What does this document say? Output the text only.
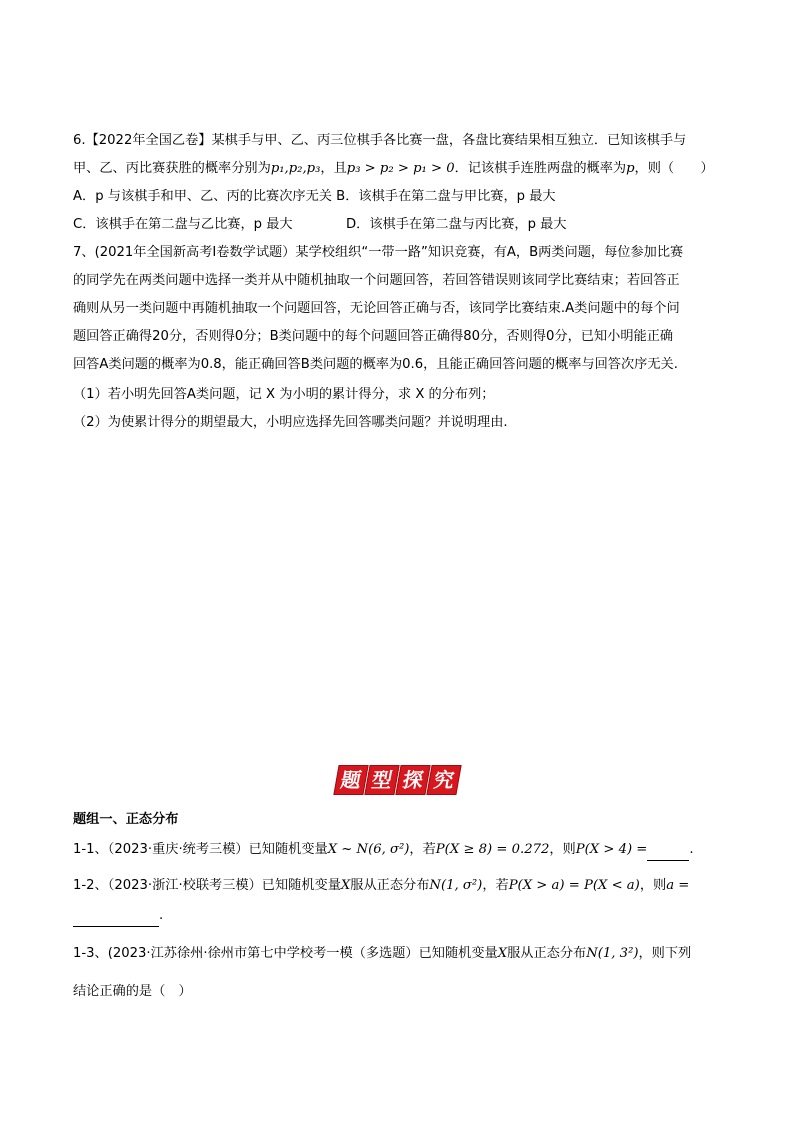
6.【2022年全国乙卷】某棋手与甲、乙、丙三位棋手各比赛一盘，各盘比赛结果相互独立．已知该棋手与
甲、乙、丙比赛获胜的概率分别为p₁,p₂,p₃，且p₃ > p₂ > p₁ > 0．记该棋手连胜两盘的概率为p，则（　　）
A．p 与该棋手和甲、乙、丙的比赛次序无关 B．该棋手在第二盘与甲比赛，p 最大
C．该棋手在第二盘与乙比赛，p 最大	D．该棋手在第二盘与丙比赛，p 最大
7、(2021年全国新高考Ⅰ卷数学试题）某学校组织“一带一路”知识竞赛，有A，B两类问题，每位参加比赛
的同学先在两类问题中选择一类并从中随机抽取一个问题回答，若回答错误则该同学比赛结束；若回答正
确则从另一类问题中再随机抽取一个问题回答，无论回答正确与否，该同学比赛结束.A类问题中的每个问
题回答正确得20分，否则得0分；B类问题中的每个问题回答正确得80分，否则得0分，已知小明能正确
回答A类问题的概率为0.8，能正确回答B类问题的概率为0.6，且能正确回答问题的概率与回答次序无关.
（1）若小明先回答A类问题，记 X 为小明的累计得分，求 X 的分布列；
（2）为使累计得分的期望最大，小明应选择先回答哪类问题？并说明理由.
题 型 探 究
题组一、正态分布
1-1、（2023·重庆·统考三模）已知随机变量X ~ N(6, σ²)，若P(X ≥ 8) = 0.272，则P(X > 4) =	.
1-2、（2023·浙江·校联考三模）已知随机变量X服从正态分布N(1, σ²)，若P(X > a) = P(X < a)，则a =
.
1-3、(2023·江苏徐州·徐州市第七中学校考一模（多选题）已知随机变量X服从正态分布N(1, 3²)，则下列
结论正确的是（　）
